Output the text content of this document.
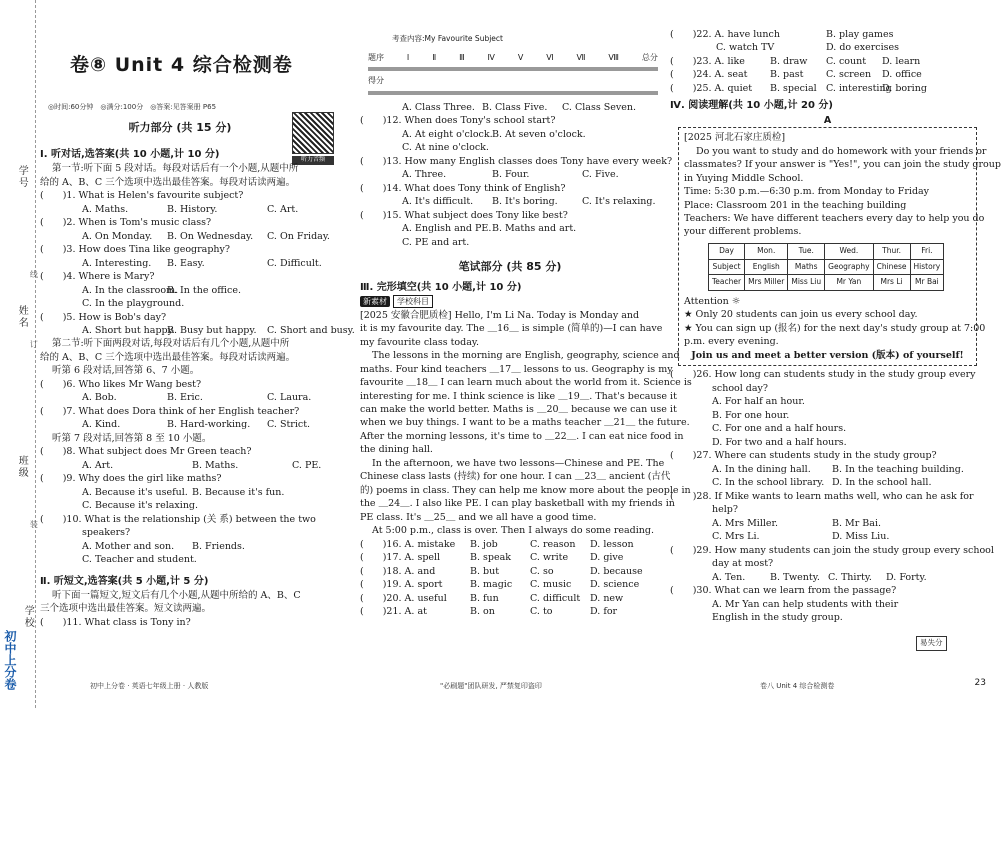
学号
线
姓名
订
班级
装
学校
初中上分卷
卷⑧ Unit 4 综合检测卷
◎时间:60分钟　◎满分:100分　◎答案:见答案册 P65
听力音频
听力部分 (共 15 分)
Ⅰ. 听对话,选答案(共 10 小题,计 10 分)
第一节:听下面 5 段对话。每段对话后有一个小题,从题中所
给的 A、B、C 三个选项中选出最佳答案。每段对话读两遍。
(　　)1. What is Helen's favourite subject?
A. Maths.	B. History.	C. Art.
(　　)2. When is Tom's music class?
A. On Monday. B. On Wednesday. C. On Friday.
(　　)3. How does Tina like geography?
A. Interesting. B. Easy.	C. Difficult.
(　　)4. Where is Mary?
A. In the classroom.B. In the office.
C. In the playground.
(　　)5. How is Bob's day?
A. Short but happy.B. Busy but happy. C. Short and busy.
第二节:听下面两段对话,每段对话后有几个小题,从题中所
给的 A、B、C 三个选项中选出最佳答案。每段对话读两遍。
听第 6 段对话,回答第 6、7 小题。
(　　)6. Who likes Mr Wang best?
A. Bob.	B. Eric.	C. Laura.
(　　)7. What does Dora think of her English teacher?
A. Kind.	B. Hard-working. C. Strict.
听第 7 段对话,回答第 8 至 10 小题。
(　　)8. What subject does Mr Green teach?
A. Art.	B. Maths.	C. PE.
(　　)9. Why does the girl like maths?
A. Because it's useful. B. Because it's fun.
C. Because it's relaxing.
(　　)10. What is the relationship (关 系) between the two
speakers?
A. Mother and son. B. Friends.
C. Teacher and student.
Ⅱ. 听短文,选答案(共 5 小题,计 5 分)
听下面一篇短文,短文后有几个小题,从题中所给的 A、B、C
三个选项中选出最佳答案。短文读两遍。
(　　)11. What class is Tony in?
考查内容:My Favourite Subject
题序	Ⅰ	Ⅱ	Ⅲ	Ⅳ	Ⅴ	Ⅵ	Ⅶ	Ⅷ	总分
得分
A. Class Three. B. Class Five. C. Class Seven.
(　　)12. When does Tony's school start?
A. At eight o'clock.B. At seven o'clock.
C. At nine o'clock.
(　　)13. How many English classes does Tony have every week?
A. Three.	B. Four.	C. Five.
(　　)14. What does Tony think of English?
A. It's difficult. B. It's boring.	C. It's relaxing.
(　　)15. What subject does Tony like best?
A. English and PE.B. Maths and art.
C. PE and art.
笔试部分 (共 85 分)
Ⅲ. 完形填空(共 10 小题,计 10 分)
新素材 学校科目
[2025 安徽合肥质检] Hello, I'm Li Na. Today is Monday and
it is my favourite day. The ＿16＿ is simple (简单的)—I can have
my favourite class today.
The lessons in the morning are English, geography, science and
maths. Four kind teachers ＿17＿ lessons to us. Geography is my
favourite ＿18＿ I can learn much about the world from it. Science is
interesting for me. I think science is like ＿19＿. That's because it
can make the world better. Maths is ＿20＿ because we can use it
when we buy things. I want to be a maths teacher ＿21＿ the future.
After the morning lessons, it's time to ＿22＿. I can eat nice food in
the dining hall.
In the afternoon, we have two lessons—Chinese and PE. The
Chinese class lasts (持续) for one hour. I can ＿23＿ ancient (古代
的) poems in class. They can help me know more about the people in
the ＿24＿. I also like PE. I can play basketball with my friends in
PE class. It's ＿25＿ and we all have a good time.
At 5:00 p.m., class is over. Then I always do some reading.
(　　)16. A. mistake B. job	C. reason D. lesson
(　　)17. A. spell	B. speak C. write D. give
(　　)18. A. and	B. but	C. so	D. because
(　　)19. A. sport	B. magic C. music D. science
(　　)20. A. useful B. fun	C. difficult D. new
(　　)21. A. at	B. on	C. to	D. for
(　　)22. A. have lunch	B. play games
C. watch TV	D. do exercises
(　　)23. A. like	B. draw C. count D. learn
(　　)24. A. seat B. past C. screen D. office
(　　)25. A. quiet B. special C. interestingD. boring
Ⅳ. 阅读理解(共 10 小题,计 20 分)
A
[2025 河北石家庄质检]
Do you want to study and do homework with your friends or
classmates? If your answer is "Yes!", you can join the study group
in Yuying Middle School.
Time: 5:30 p.m.—6:30 p.m. from Monday to Friday
Place: Classroom 201 in the teaching building
Teachers: We have different teachers every day to help you do
your different problems.
Day	Mon.	Tue.	Wed.	Thur.	Fri.
Subject	English	Maths	Geography	Chinese	History
Teacher	Mrs Miller	Miss Liu	Mr Yan	Mrs Li	Mr Bai
Attention ☼
★ Only 20 students can join us every school day.
★ You can sign up (报名) for the next day's study group at 7:00
p.m. every evening.
Join us and meet a better version (版本) of yourself!
(　　)26. How long can students study in the study group every
school day?
A. For half an hour.
B. For one hour.
C. For one and a half hours.
D. For two and a half hours.
(　　)27. Where can students study in the study group?
A. In the dining hall. B. In the teaching building.
C. In the school library. D. In the school hall.
(　　)28. If Mike wants to learn maths well, who can he ask for
help?
A. Mrs Miller.	B. Mr Bai.
C. Mrs Li.	D. Miss Liu.
(　　)29. How many students can join the study group every school
day at most?
A. Ten.	B. Twenty. C. Thirty. D. Forty.
(　　)30. What can we learn from the passage?
A. Mr Yan can help students with their
English in the study group.
易失分
初中上分卷 · 英语七年级上册 · 人教版	"必刷题"团队研发, 严禁复印盗印	卷八 Unit 4 综合检测卷	23
